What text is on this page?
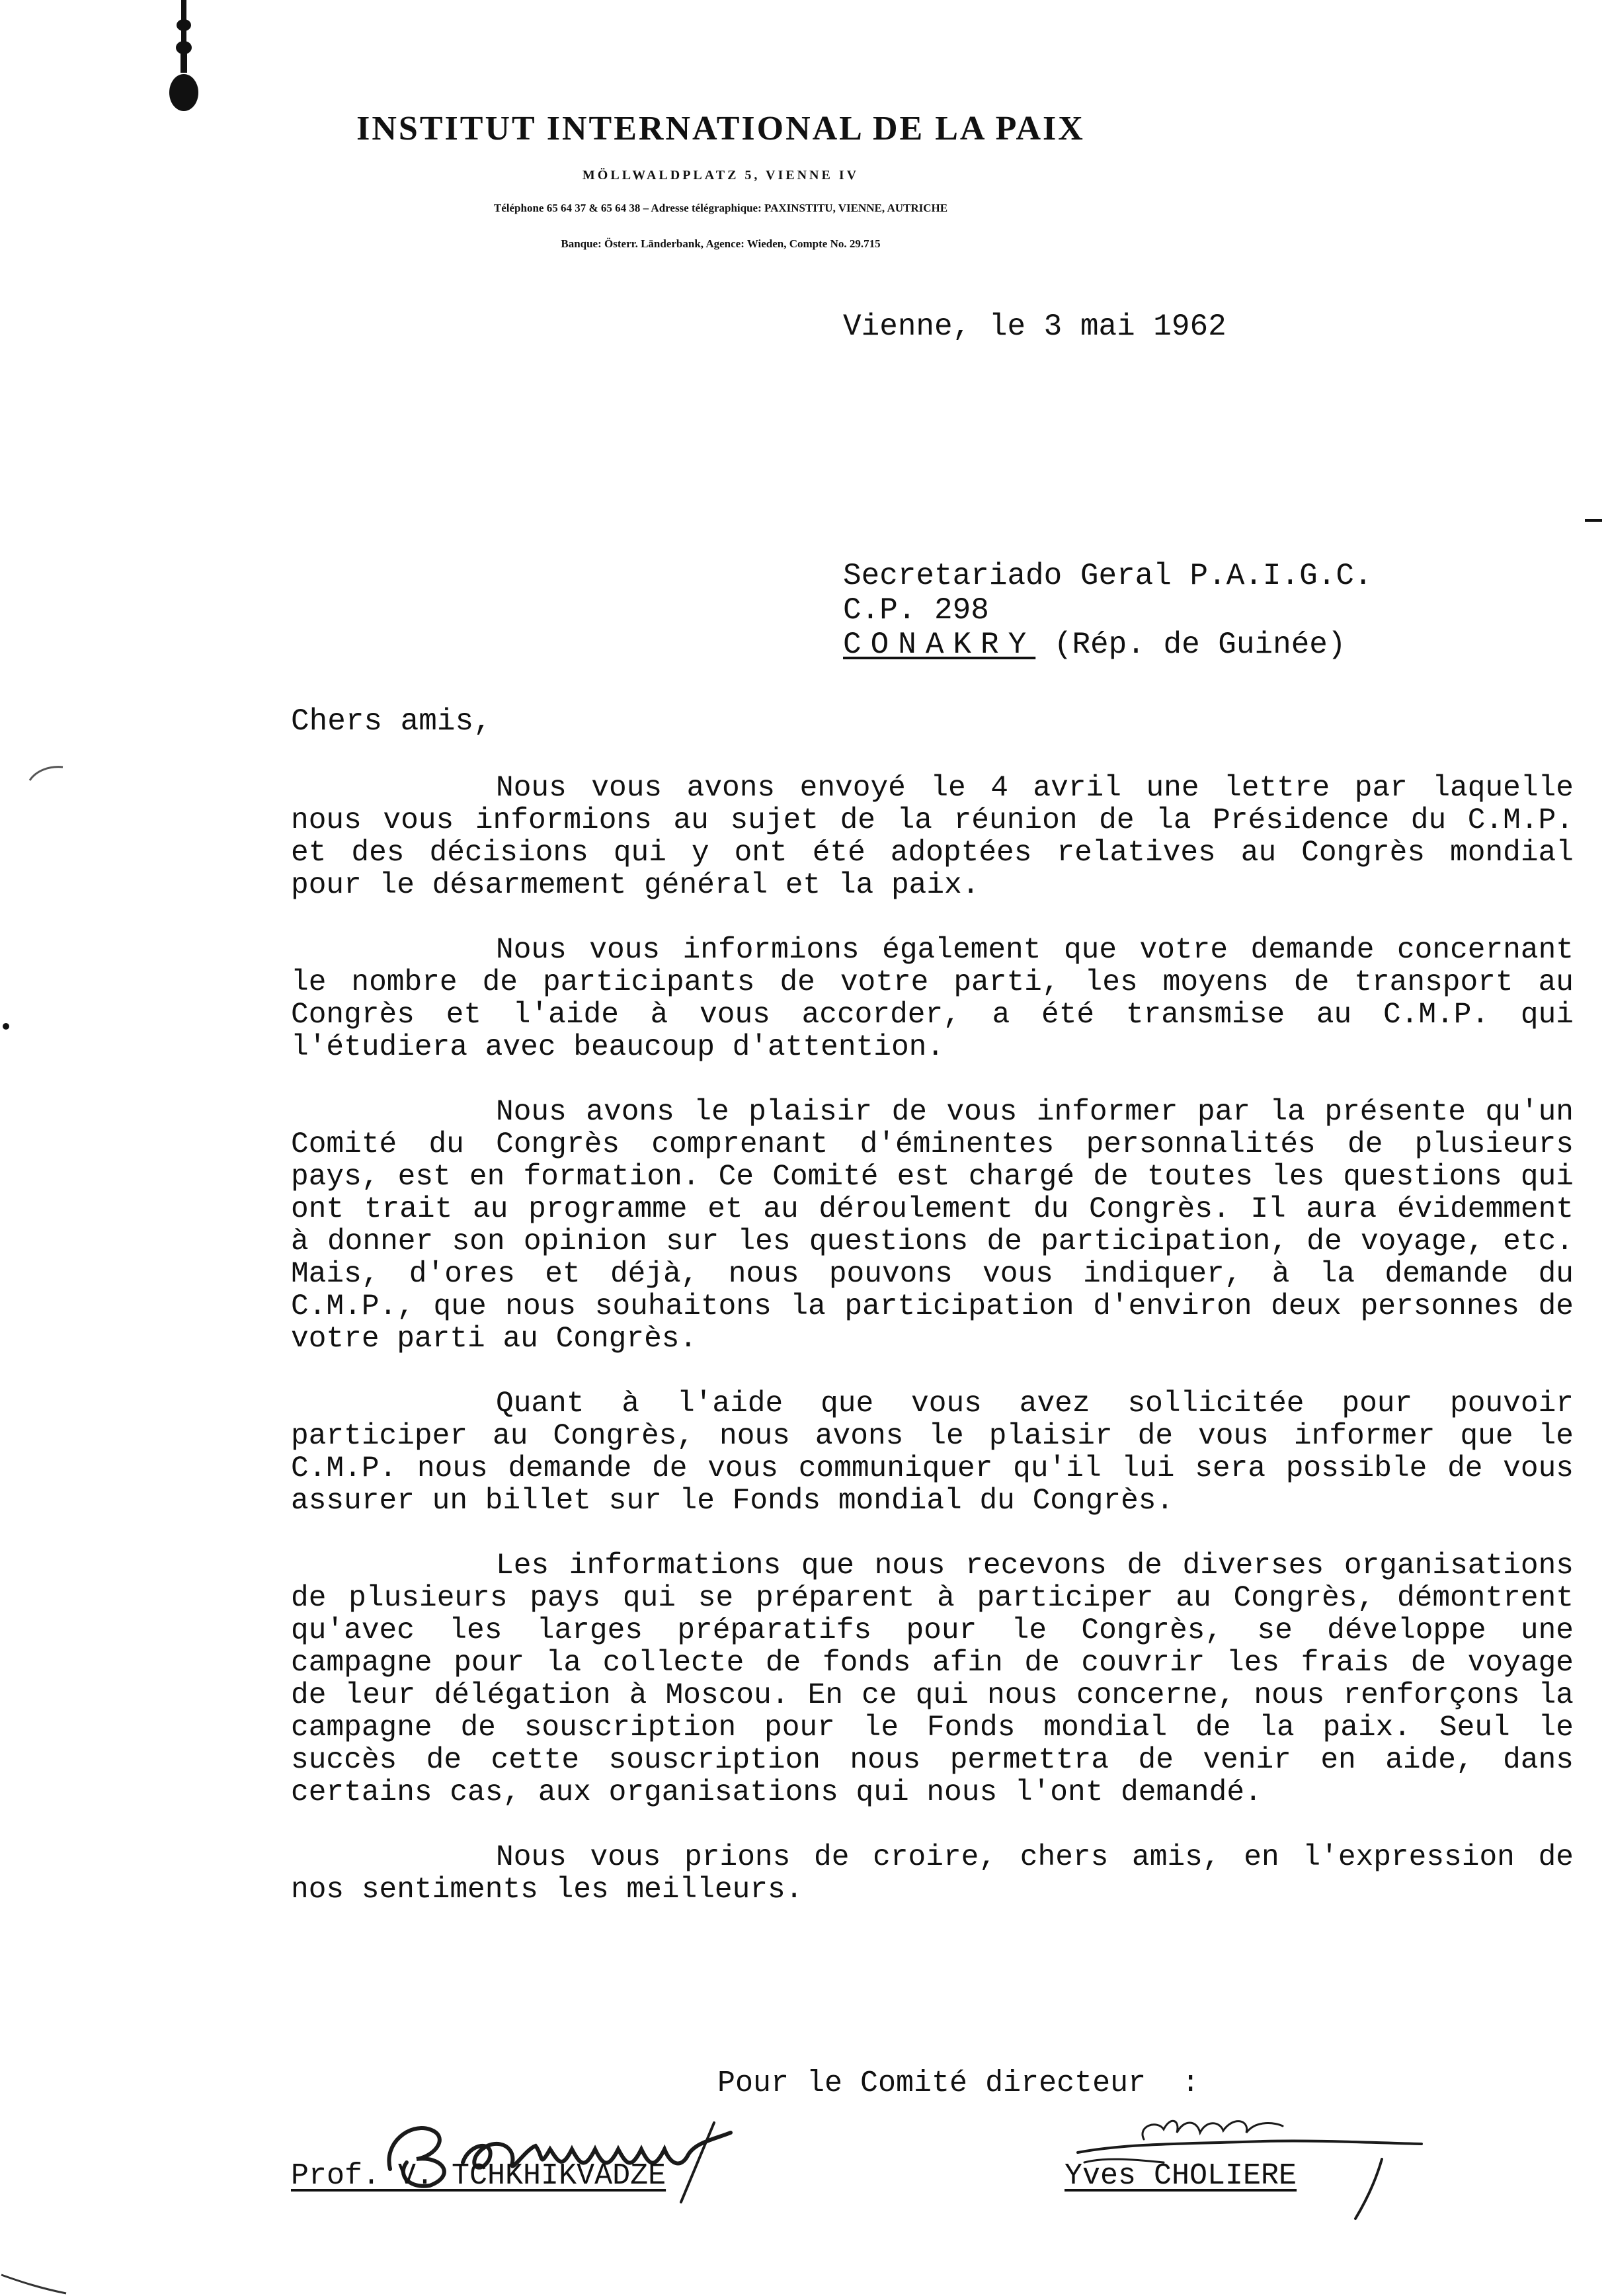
INSTITUT INTERNATIONAL DE LA PAIX
MÖLLWALDPLATZ 5, VIENNE IV
Téléphone 65 64 37 & 65 64 38 – Adresse télégraphique: PAXINSTITU, VIENNE, AUTRICHE
Banque: Österr. Länderbank, Agence: Wieden, Compte No. 29.715
Vienne, le 3 mai 1962
Secretariado Geral P.A.I.G.C.
C.P. 298
CONAKRY (Rép. de Guinée)
Chers amis,

Nous vous avons envoyé le 4 avril une lettre par laquelle nous vous informions au sujet de la réunion de la Présidence du C.M.P. et des décisions qui y ont été adoptées relatives au Congrès mondial pour le désarmement général et la paix.

Nous vous informions également que votre demande concernant le nombre de participants de votre parti, les moyens de transport au Congrès et l'aide à vous accorder, a été transmise au C.M.P. qui l'étudiera avec beaucoup d'attention.

Nous avons le plaisir de vous informer par la présente qu'un Comité du Congrès comprenant d'éminentes personnalités de plusieurs pays, est en formation. Ce Comité est chargé de toutes les questions qui ont trait au programme et au déroulement du Congrès. Il aura évidemment à donner son opinion sur les questions de participation, de voyage, etc. Mais, d'ores et déjà, nous pouvons vous indiquer, à la demande du C.M.P., que nous souhaitons la participation d'environ deux personnes de votre parti au Congrès.

Quant à l'aide que vous avez sollicitée pour pouvoir participer au Congrès, nous avons le plaisir de vous informer que le C.M.P. nous demande de vous communiquer qu'il lui sera possible de vous assurer un billet sur le Fonds mondial du Congrès.

Les informations que nous recevons de diverses organisations de plusieurs pays qui se préparent à participer au Congrès, démontrent qu'avec les larges préparatifs pour le Congrès, se développe une campagne pour la collecte de fonds afin de couvrir les frais de voyage de leur délégation à Moscou. En ce qui nous concerne, nous renforçons la campagne de souscription pour le Fonds mondial de la paix. Seul le succès de cette souscription nous permettra de venir en aide, dans certains cas, aux organisations qui nous l'ont demandé.

Nous vous prions de croire, chers amis, en l'expression de nos sentiments les meilleurs.

Pour le Comité directeur  :
Prof. V. TCHKHIKVADZE	Yves CHOLIERE
